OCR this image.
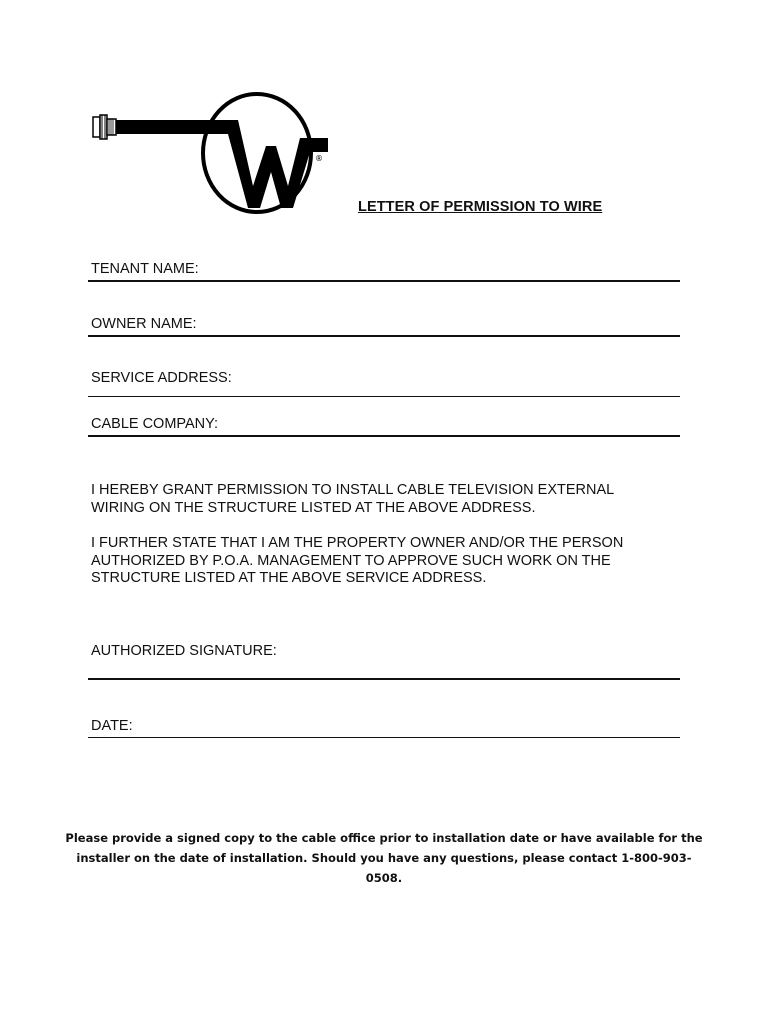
®
LETTER OF PERMISSION TO WIRE
TENANT NAME:
OWNER NAME:
SERVICE ADDRESS:
CABLE COMPANY:

I HEREBY GRANT PERMISSION TO INSTALL CABLE TELEVISION EXTERNAL
WIRING ON THE STRUCTURE LISTED AT THE ABOVE ADDRESS.

I FURTHER STATE THAT I AM THE PROPERTY OWNER AND/OR THE PERSON
AUTHORIZED BY P.O.A. MANAGEMENT TO APPROVE SUCH WORK ON THE
STRUCTURE LISTED AT THE ABOVE SERVICE ADDRESS.

AUTHORIZED SIGNATURE:
DATE:

Please provide a signed copy to the cable office prior to installation date or have available for the
installer on the date of installation. Should you have any questions, please contact 1-800-903-0508.
